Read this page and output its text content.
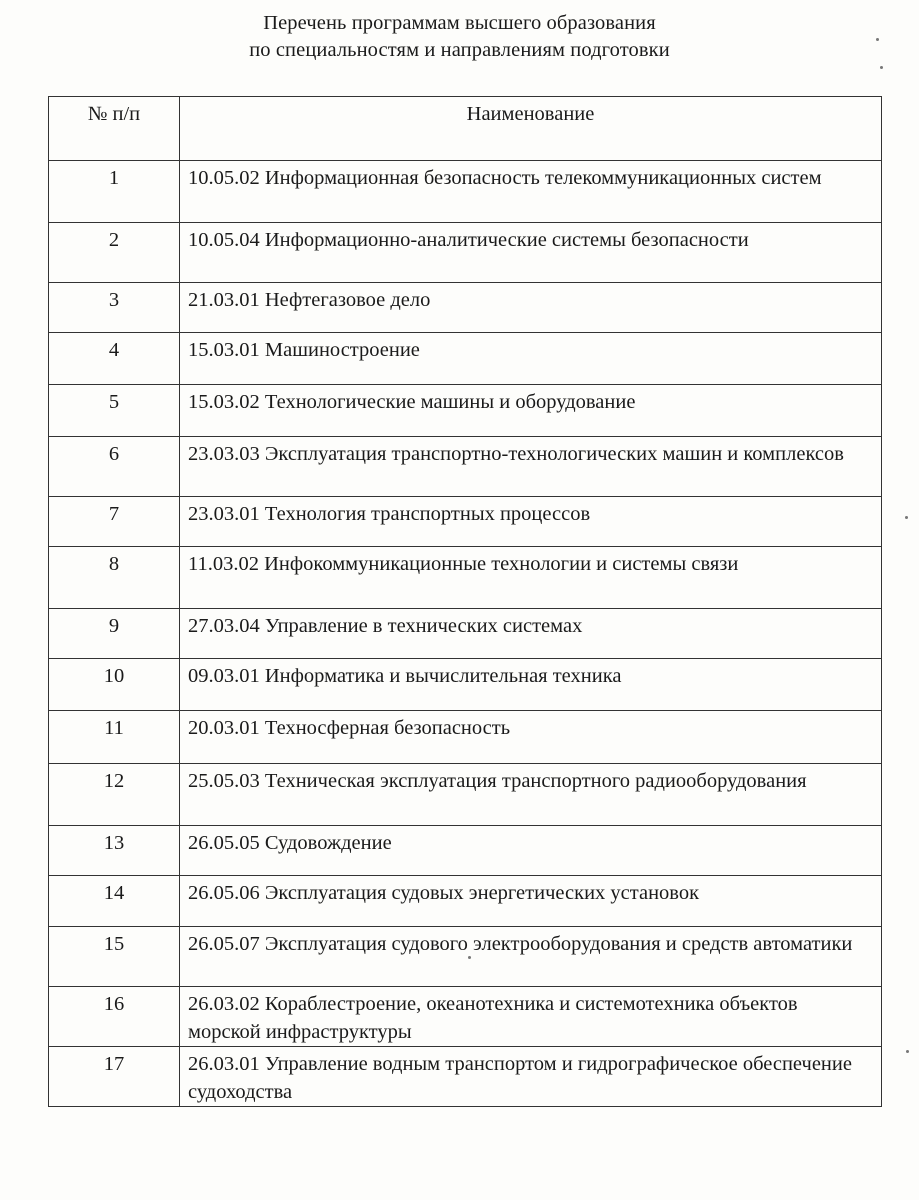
Перечень программам высшего образования
по специальностям и направлениям подготовки
№ п/п	Наименование
1	10.05.02 Информационная безопасность телекоммуникационных систем
2	10.05.04 Информационно-аналитические системы безопасности
3	21.03.01 Нефтегазовое дело
4	15.03.01 Машиностроение
5	15.03.02 Технологические машины и оборудование
6	23.03.03 Эксплуатация транспортно-технологических машин и комплексов
7	23.03.01 Технология транспортных процессов
8	11.03.02 Инфокоммуникационные технологии и системы связи
9	27.03.04 Управление в технических системах
10	09.03.01 Информатика и вычислительная техника
11	20.03.01 Техносферная безопасность
12	25.05.03 Техническая эксплуатация транспортного радиооборудования
13	26.05.05 Судовождение
14	26.05.06 Эксплуатация судовых энергетических установок
15	26.05.07 Эксплуатация судового электрооборудования и средств автоматики
16	26.03.02 Кораблестроение, океанотехника и системотехника объектов морской инфраструктуры
17	26.03.01 Управление водным транспортом и гидрографическое обеспечение судоходства
